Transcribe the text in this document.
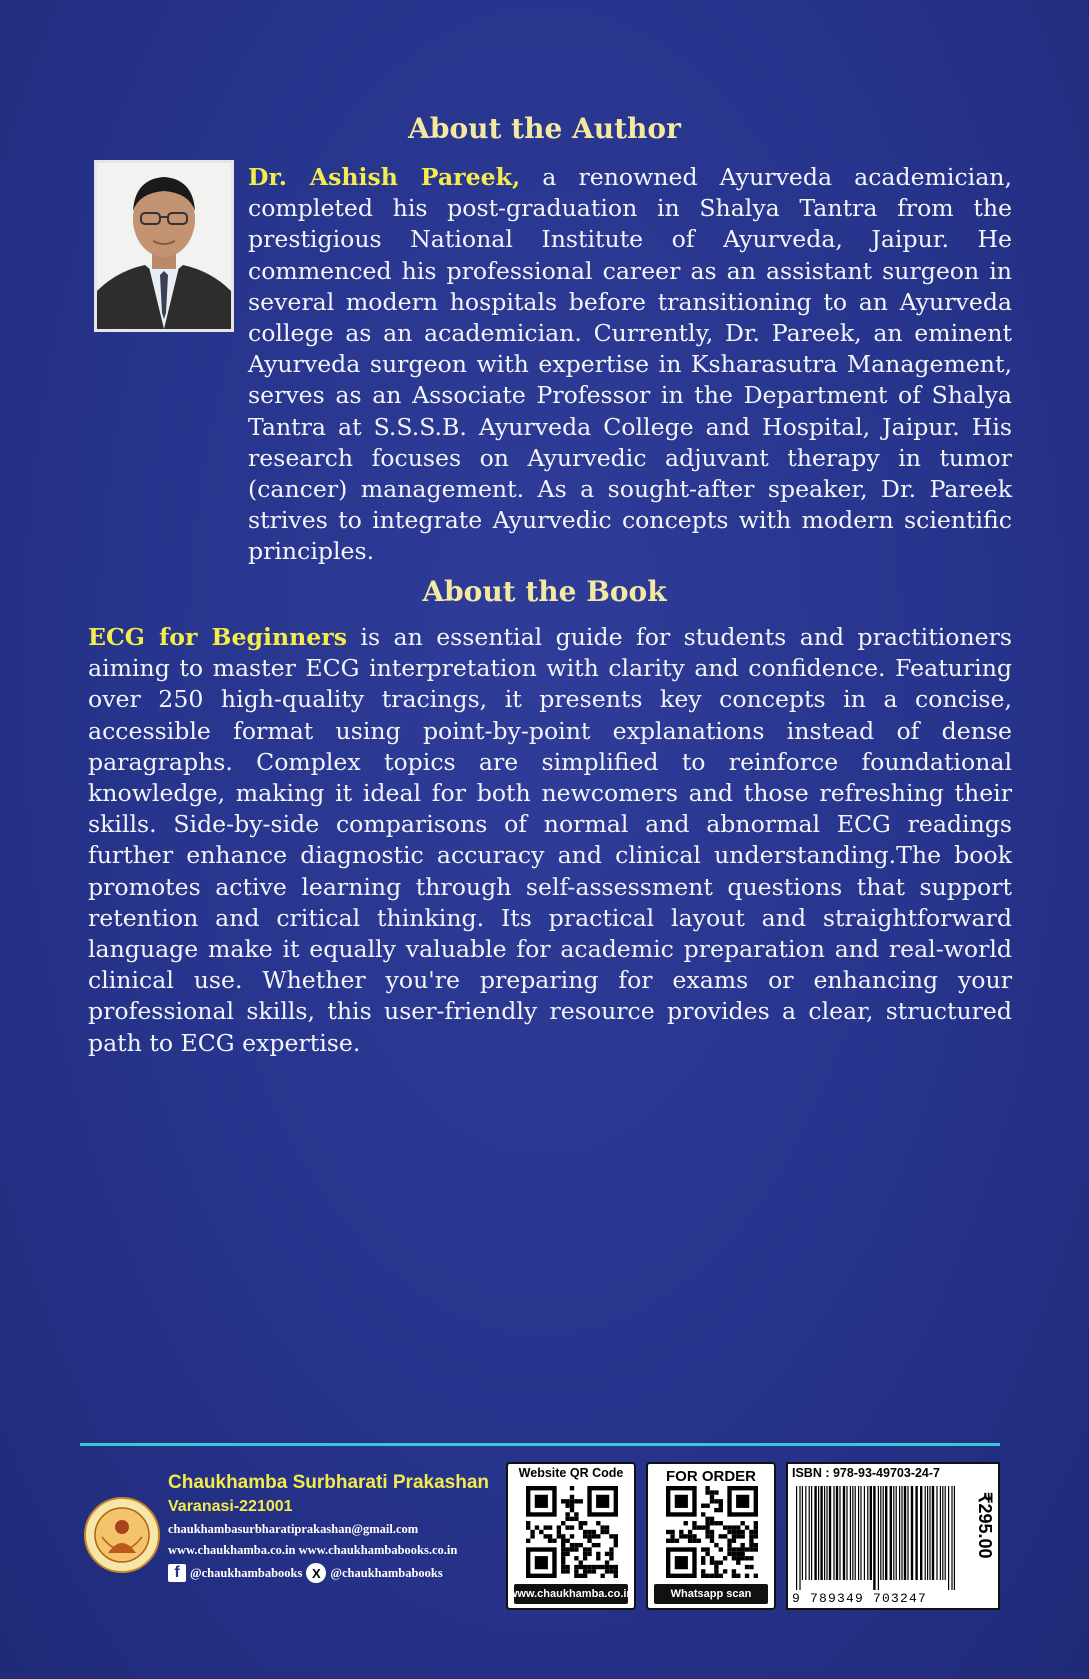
About the Author

Dr. Ashish Pareek, a renowned Ayurveda academician, completed his post-graduation in Shalya Tantra from the prestigious National Institute of Ayurveda, Jaipur. He commenced his professional career as an assistant surgeon in several modern hospitals before transitioning to an Ayurveda college as an academician. Currently, Dr. Pareek, an eminent Ayurveda surgeon with expertise in Ksharasutra Management, serves as an Associate Professor in the Department of Shalya Tantra at S.S.S.B. Ayurveda College and Hospital, Jaipur. His research focuses on Ayurvedic adjuvant therapy in tumor (cancer) management. As a sought-after speaker, Dr. Pareek strives to integrate Ayurvedic concepts with modern scientific principles.

About the Book

ECG for Beginners is an essential guide for students and practitioners aiming to master ECG interpretation with clarity and confidence. Featuring over 250 high-quality tracings, it presents key concepts in a concise, accessible format using point-by-point explanations instead of dense paragraphs. Complex topics are simplified to reinforce foundational knowledge, making it ideal for both newcomers and those refreshing their skills. Side-by-side comparisons of normal and abnormal ECG readings further enhance diagnostic accuracy and clinical understanding.The book promotes active learning through self-assessment questions that support retention and critical thinking. Its practical layout and straightforward language make it equally valuable for academic preparation and real-world clinical use. Whether you're preparing for exams or enhancing your professional skills, this user-friendly resource provides a clear, structured path to ECG expertise.

Chaukhamba Surbharati Prakashan

Varanasi-221001

chaukhambasurbharatiprakashan@gmail.com

www.chaukhamba.co.in www.chaukhambabooks.co.in

f @chaukhambabooks X @chaukhambabooks
Website QR Code
www.chaukhamba.co.in
FOR ORDER
Whatsapp scan
ISBN : 978-93-49703-24-7
9 789349 703247
₹295.00
